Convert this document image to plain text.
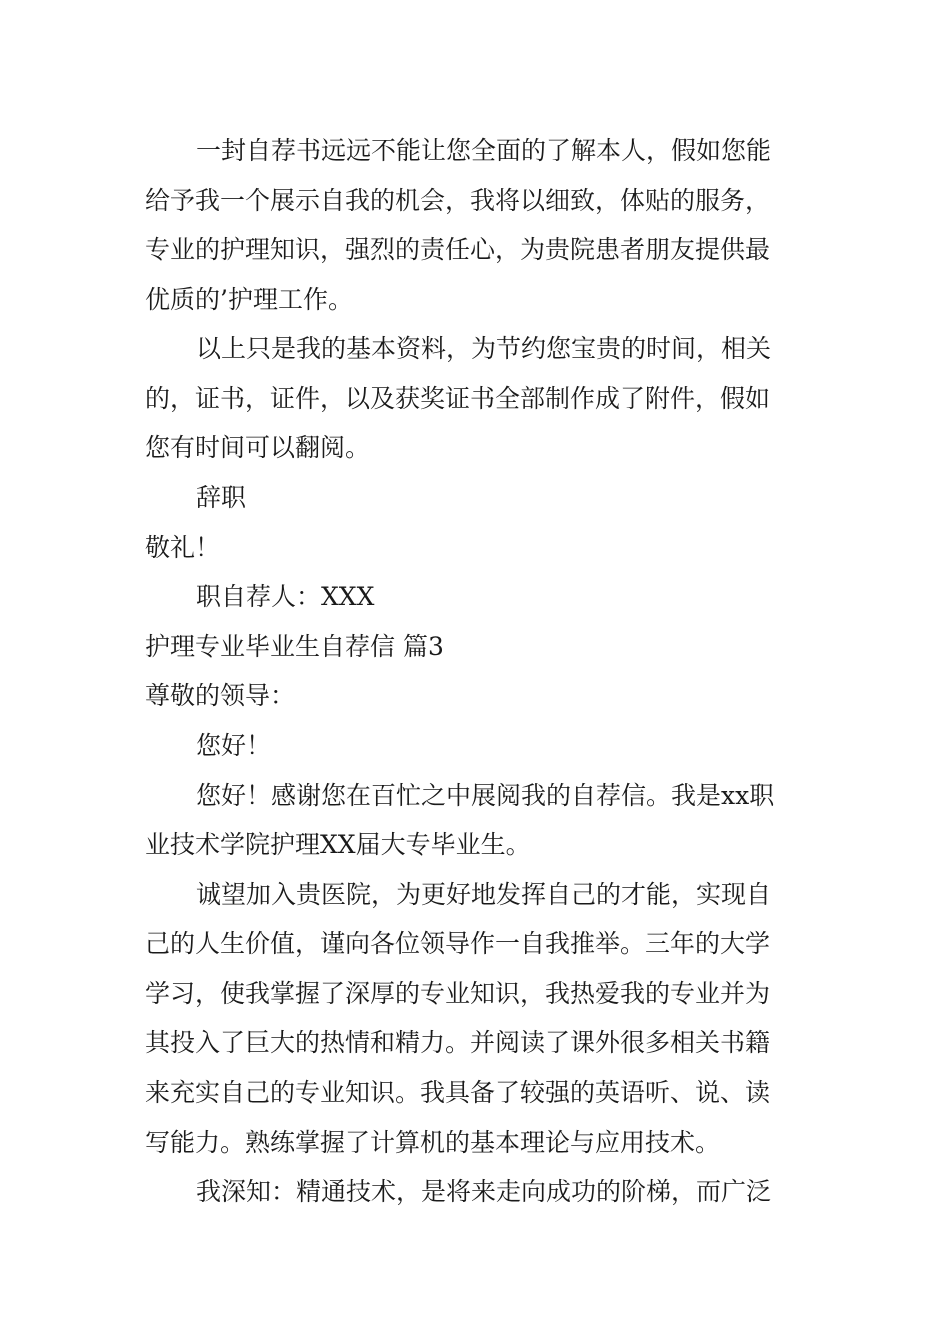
一封自荐书远远不能让您全面的了解本人，假如您能

给予我一个展示自我的机会，我将以细致，体贴的服务，

专业的护理知识，强烈的责任心，为贵院患者朋友提供最

优质的’护理工作。

以上只是我的基本资料，为节约您宝贵的时间，相关

的，证书，证件，以及获奖证书全部制作成了附件，假如

您有时间可以翻阅。

辞职

敬礼！

职自荐人：XXX

护理专业毕业生自荐信 篇3

尊敬的领导：

您好！

您好！感谢您在百忙之中展阅我的自荐信。我是xx职

业技术学院护理XX届大专毕业生。

诚望加入贵医院，为更好地发挥自己的才能，实现自

己的人生价值，谨向各位领导作一自我推举。三年的大学

学习，使我掌握了深厚的专业知识，我热爱我的专业并为

其投入了巨大的热情和精力。并阅读了课外很多相关书籍

来充实自己的专业知识。我具备了较强的英语听、说、读

写能力。熟练掌握了计算机的基本理论与应用技术。

我深知：精通技术，是将来走向成功的阶梯，而广泛
